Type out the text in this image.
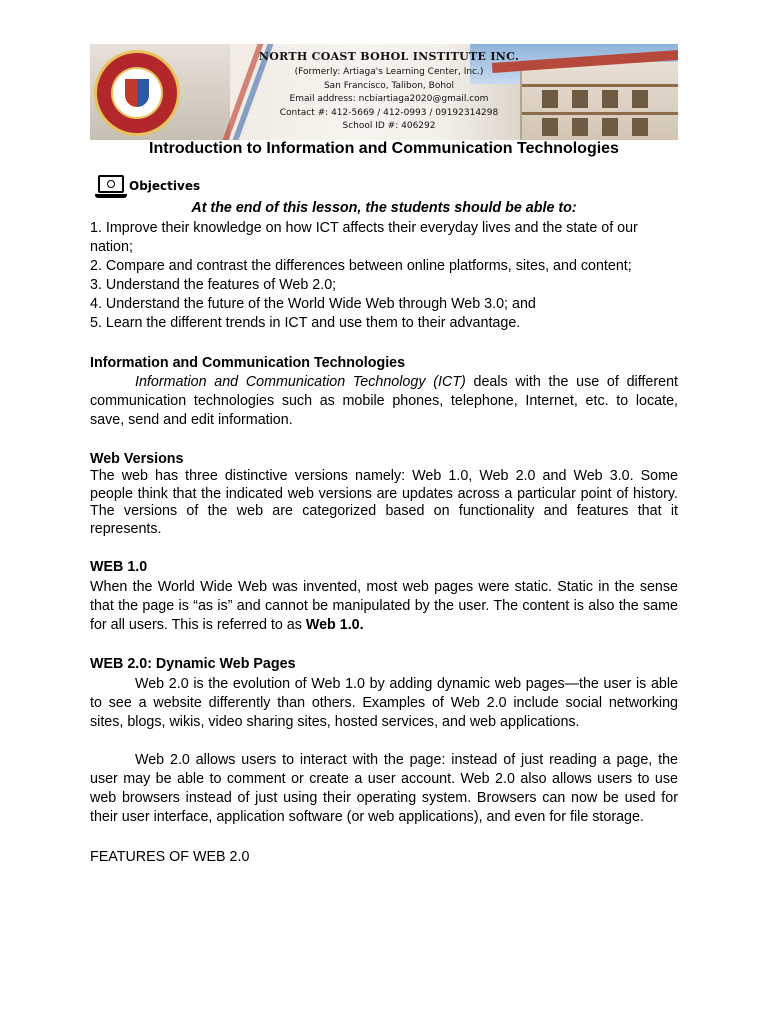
NORTH COAST BOHOL INSTITUTE INC.
(Formerly: Artiaga's Learning Center, Inc.)
San Francisco, Talibon, Bohol
Email address: ncbiartiaga2020@gmail.com
Contact #: 412-5669 / 412-0993 / 09192314298
School ID #: 406292
Introduction to Information and Communication Technologies
Objectives
At the end of this lesson, the students should be able to:
1. Improve their knowledge on how ICT affects their everyday lives and the state of our nation;
2. Compare and contrast the differences between online platforms, sites, and content;
3. Understand the features of Web 2.0;
4. Understand the future of the World Wide Web through Web 3.0; and
5. Learn the different trends in ICT and use them to their advantage.
Information and Communication Technologies
Information and Communication Technology (ICT) deals with the use of different communication technologies such as mobile phones, telephone, Internet, etc. to locate, save, send and edit information.
Web Versions
The web has three distinctive versions namely: Web 1.0, Web 2.0 and Web 3.0. Some people think that the indicated web versions are updates across a particular point of history. The versions of the web are categorized based on functionality and features that it represents.
WEB 1.0
When the World Wide Web was invented, most web pages were static. Static in the sense that the page is “as is” and cannot be manipulated by the user. The content is also the same for all users. This is referred to as Web 1.0.
WEB 2.0: Dynamic Web Pages
Web 2.0 is the evolution of Web 1.0 by adding dynamic web pages—the user is able to see a website differently than others. Examples of Web 2.0 include social networking sites, blogs, wikis, video sharing sites, hosted services, and web applications.
Web 2.0 allows users to interact with the page: instead of just reading a page, the user may be able to comment or create a user account. Web 2.0 also allows users to use web browsers instead of just using their operating system. Browsers can now be used for their user interface, application software (or web applications), and even for file storage.
FEATURES OF WEB 2.0
